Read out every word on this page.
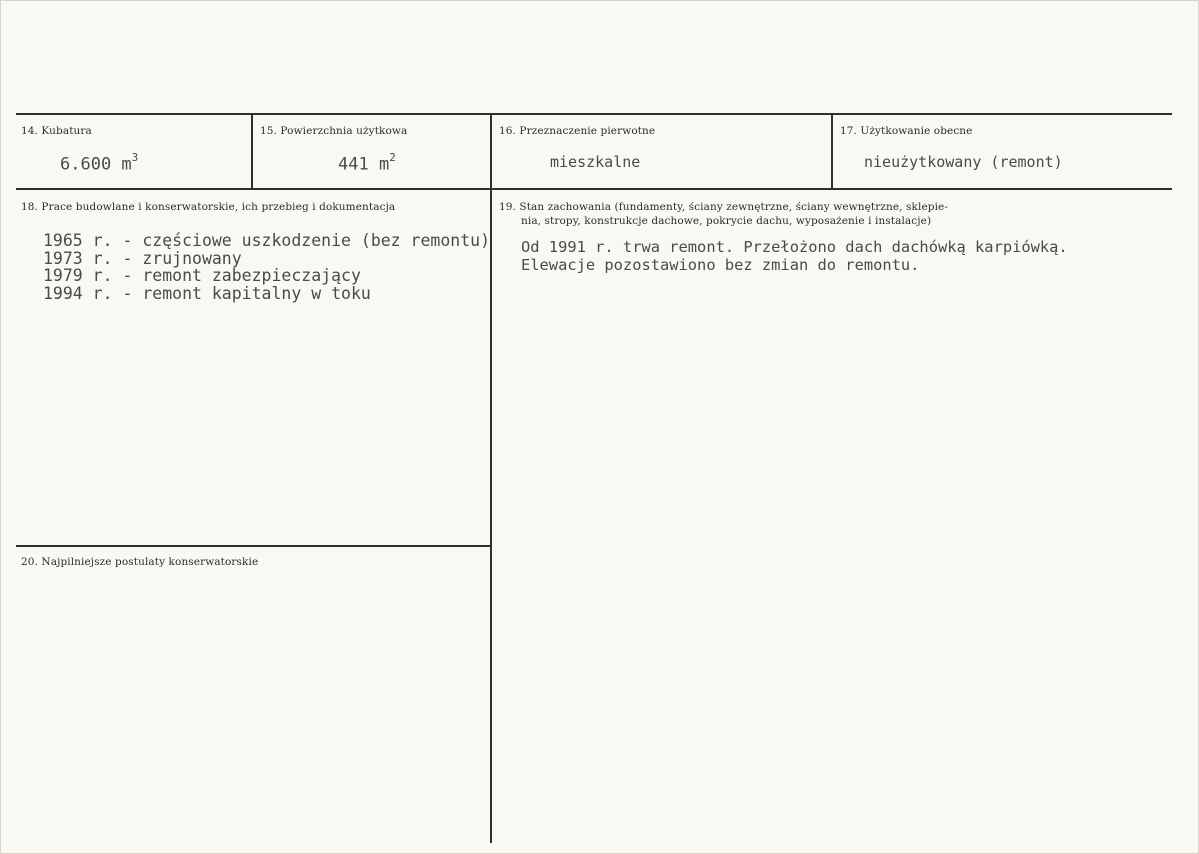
14. Kubatura
6.600 $m^3$
15. Powierzchnia użytkowa
441 $m^2$
16. Przeznaczenie pierwotne
mieszkalne
17. Użytkowanie obecne
nieużytkowany (remont)
18. Prace budowlane i konserwatorskie, ich przebieg i dokumentacja
1965 r. - częściowe uszkodzenie (bez remontu)
1973 r. - zrujnowany
1979 r. - remont zabezpieczający
1994 r. - remont kapitalny w toku
19. Stan zachowania (fundamenty, ściany zewnętrzne, ściany wewnętrzne, sklepie-
nia, stropy, konstrukcje dachowe, pokrycie dachu, wyposażenie i instalacje)
Od 1991 r. trwa remont. Przełożono dach dachówką karpiówką.
Elewacje pozostawiono bez zmian do remontu.
20. Najpilniejsze postulaty konserwatorskie
